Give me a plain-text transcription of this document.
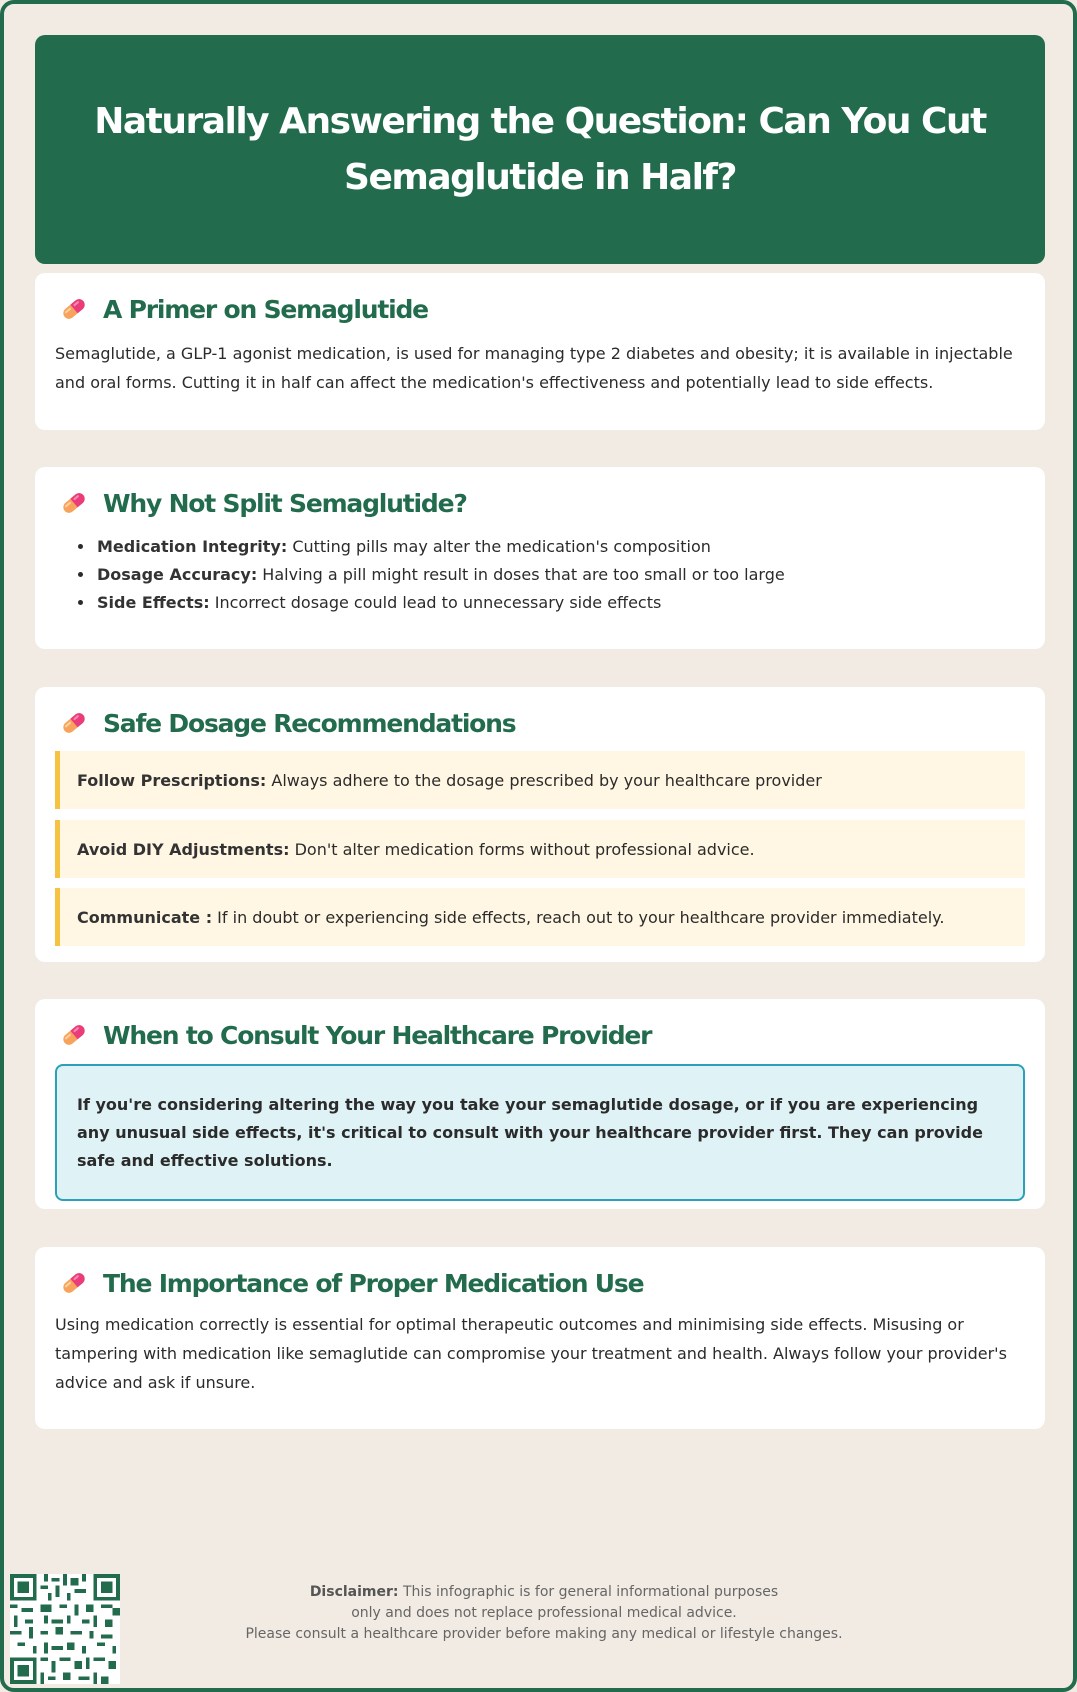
Naturally Answering the Question: Can You Cut Semaglutide in Half?
A Primer on Semaglutide

Semaglutide, a GLP-1 agonist medication, is used for managing type 2 diabetes and obesity; it is available in injectable and oral forms. Cutting it in half can affect the medication's effectiveness and potentially lead to side effects.

Why Not Split Semaglutide?
• Medication Integrity: Cutting pills may alter the medication's composition
• Dosage Accuracy: Halving a pill might result in doses that are too small or too large
• Side Effects: Incorrect dosage could lead to unnecessary side effects
Safe Dosage Recommendations
Follow Prescriptions: Always adhere to the dosage prescribed by your healthcare provider
Avoid DIY Adjustments: Don't alter medication forms without professional advice.
Communicate : If in doubt or experiencing side effects, reach out to your healthcare provider immediately.
When to Consult Your Healthcare Provider

If you're considering altering the way you take your semaglutide dosage, or if you are experiencing any unusual side effects, it's critical to consult with your healthcare provider first. They can provide safe and effective solutions.

The Importance of Proper Medication Use

Using medication correctly is essential for optimal therapeutic outcomes and minimising side effects. Misusing or tampering with medication like semaglutide can compromise your treatment and health. Always follow your provider's advice and ask if unsure.

Disclaimer: This infographic is for general informational purposes
only and does not replace professional medical advice.
Please consult a healthcare provider before making any medical or lifestyle changes.
